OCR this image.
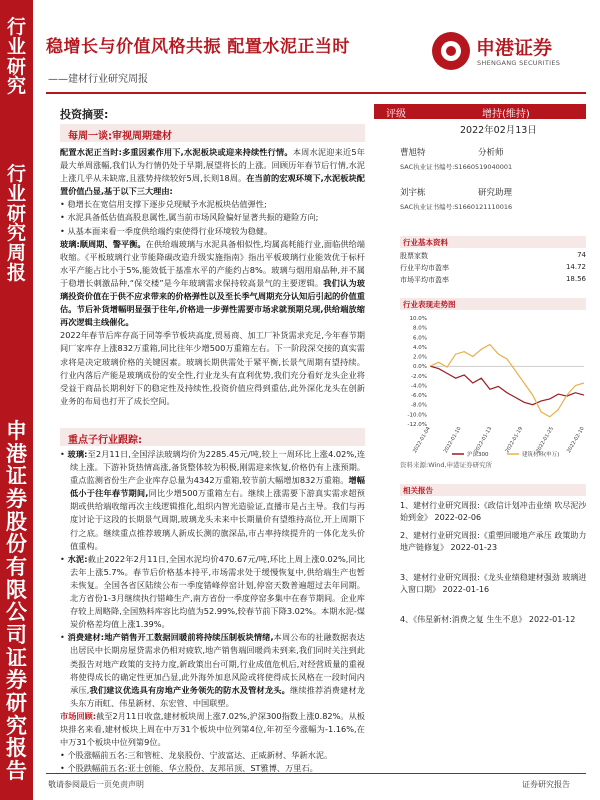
行
业
研
究
行
业
研
究
周
报
申
港
证
券
股
份
有
限
公
司
证
券
研
究
报
告
稳增长与价值风格共振 配置水泥正当时
——建材行业研究周报
申港证券
SHENGANG SECURITIES
投资摘要:
每周一谈:审视周期建材

配置水泥正当时:多重因素作用下,水泥板块或迎来持续性行情。本周水泥迎来近5年最大单周涨幅,我们认为行情仍处于早期,展望将长的上涨。回顾历年春节后行情,水泥上涨几乎从未缺席,且涨势持续较好5周,长则18周。在当前的宏观环境下,水泥板块配置价值凸显,基于以下三大理由:

• 稳增长在宽信用支撑下逐步兑现赋予水泥板块估值弹性;

• 水泥具备低估值高股息属性,属当前市场风险偏好显著共振的避险方向;

• 从基本面来看一季度供给端约束使得行业环境较为稳健。

玻璃:顺周期、警平衡。在供给端玻璃与水泥具备相似性,均属高耗能行业,面临供给端收缩。《平板玻璃行业节能降碳改造升级实施指南》指出平板玻璃行业能效优于标杆水平产能占比小于5%,能效低于基准水平的产能约占8%。玻璃与烟用扇品种,并不属于稳增长刺激品种,“保交楼”是今年玻璃需求保持较高景气的主要逻辑。我们认为玻璃投资价值在于供不应求带来的价格弹性以及至长季气周期充分认知后引起的价值重估。节后补货增幅明显强于往年,价格进一步弹性需要市场求就预期兑现,供给端放缩再次逻辑主线催化。

2022年春节后库存高于同等季节板块高度,贸易商、加工厂补货需求充足,今年春节期间厂家库存上涨832万重箱,同比往年少增500万重箱左右。下一阶段深交接的真实需求将是决定玻璃价格的关键因素。玻璃长期供需处于紧平衡,长景气周期有望持续。行业内落后产能是玻璃成份的安全性,行业龙头有直利优势,我们充分看好龙头企业将受益于商品长期利好下的稳定性及持续性,投资价值应得到重估,此外深化龙头在创新业务的布局也打开了成长空间。

重点子行业跟踪:

• 玻璃:至2月11日,全国浮法玻璃均价为2285.45元/吨,较上一周环比上涨4.02%,连续上涨。下游补货热情高涨,备货整体较为积极,刚需迎来恢复,价格仍有上涨预期。重点监测省份生产企业库存总量为4342万重箱,较节前大幅增加832万重箱。增幅低小于往年春节期间,同比少增500万重箱左右。继续上涨需要下游真实需求超预期或供给端收缩再次主线逻辑推化,组织内智光造验证,直播市是占主导。我们与再度讨论于这段的长期景气周期,玻璃龙头未来中长期量价有望维持高位,开上周期下行之底。继续重点推荐玻璃人新成长测的旗深品,市占率持续提升的一体化龙头价值重构。

• 水泥:截止2022年2月11日,全国水泥均价470.67元/吨,环比上周上涨0.02%,同比去年上涨5.7%。春节后价格基本持平,市场需求处于缓慢恢复中,供给端生产也暂未恢复。全国各省区陆续公布一季度错峰停窑计划,停窑天数普遍超过去年同期。北方省份1-3月继续执行错峰生产,南方省份一季度停窑多集中在春节期间。企业库存较上周略降,全国熟料库容比均值为52.99%,较春节前下降3.02%。本期水泥-煤炭价格差均值上涨1.39%。

• 消费建材:地产销售开工数据回暖前将持续压制板块情绪,本周公布的社融数据表达出居民中长期房屋贷需求仍相对疲软,地产销售端回暖尚未到来,我们同时关注到此类报告对地产政策的支持力度,新政策出台可期,行业成值危机后,对经营质量的重视将使得成长的确定性更加凸显,此外海外加息风险或将使得成长风格在一段时间内承压,我们建议优选具有房地产业务领先的防水及管材龙头。继续推荐消费建材龙头东方雨虹、伟星新材、东宏管、中国联塑。

市场回顾:截至2月11日收盘,建材板块周上涨7.02%,沪深300指数上涨0.82%。从板块排名来看,建材板块上周在中万31个板块中位列第4位,年初至今涨幅为-1.16%,在中万31个板块中位列第9位。

• 个股涨幅前五名:三和管桩、龙泉股份、宁波富达、正威新材、华新水泥。

• 个股跌幅前五名:亚士创能、华立股份、友邦吊顶、ST雅博、万里石。

评级	增持(维持)
2022年02月13日
曹旭特	分析师
SAC执业证书编号:S1660519040001
刘宇栋	研究助理
SAC执业证书编号:S1660121110016
行业基本资料
股票家数	74
行业平均市盈率	14.72
市场平均市盈率	18.56
行业表现走势图
10.0%
8.0%
6.0%
4.0%
2.0%
0.0%
-2.0%
-4.0%
-6.0%
-8.0%
-10.0%
-12.0%
2022-01-04 2022-01-10 2022-01-13 2022-01-19 2022-01-25 2022-02-10
沪深300	建筑材料(申万)
资料来源:Wind,申港证券研究所
相关报告
1、建材行业研究周报:《政信计划冲击业绩 吹尽泥沙始到金》 2022-02-06
2、建材行业研究周报:《重塑回暖地产承压 政策助力地产链修复》 2022-01-23
3、建材行业研究周报:《龙头业绩稳建材强劲 玻璃进入窗口期》 2022-01-16
4、《伟星新材:消费之复 生生不息》 2022-01-12
敬请参阅最后一页免责声明	证券研究报告
